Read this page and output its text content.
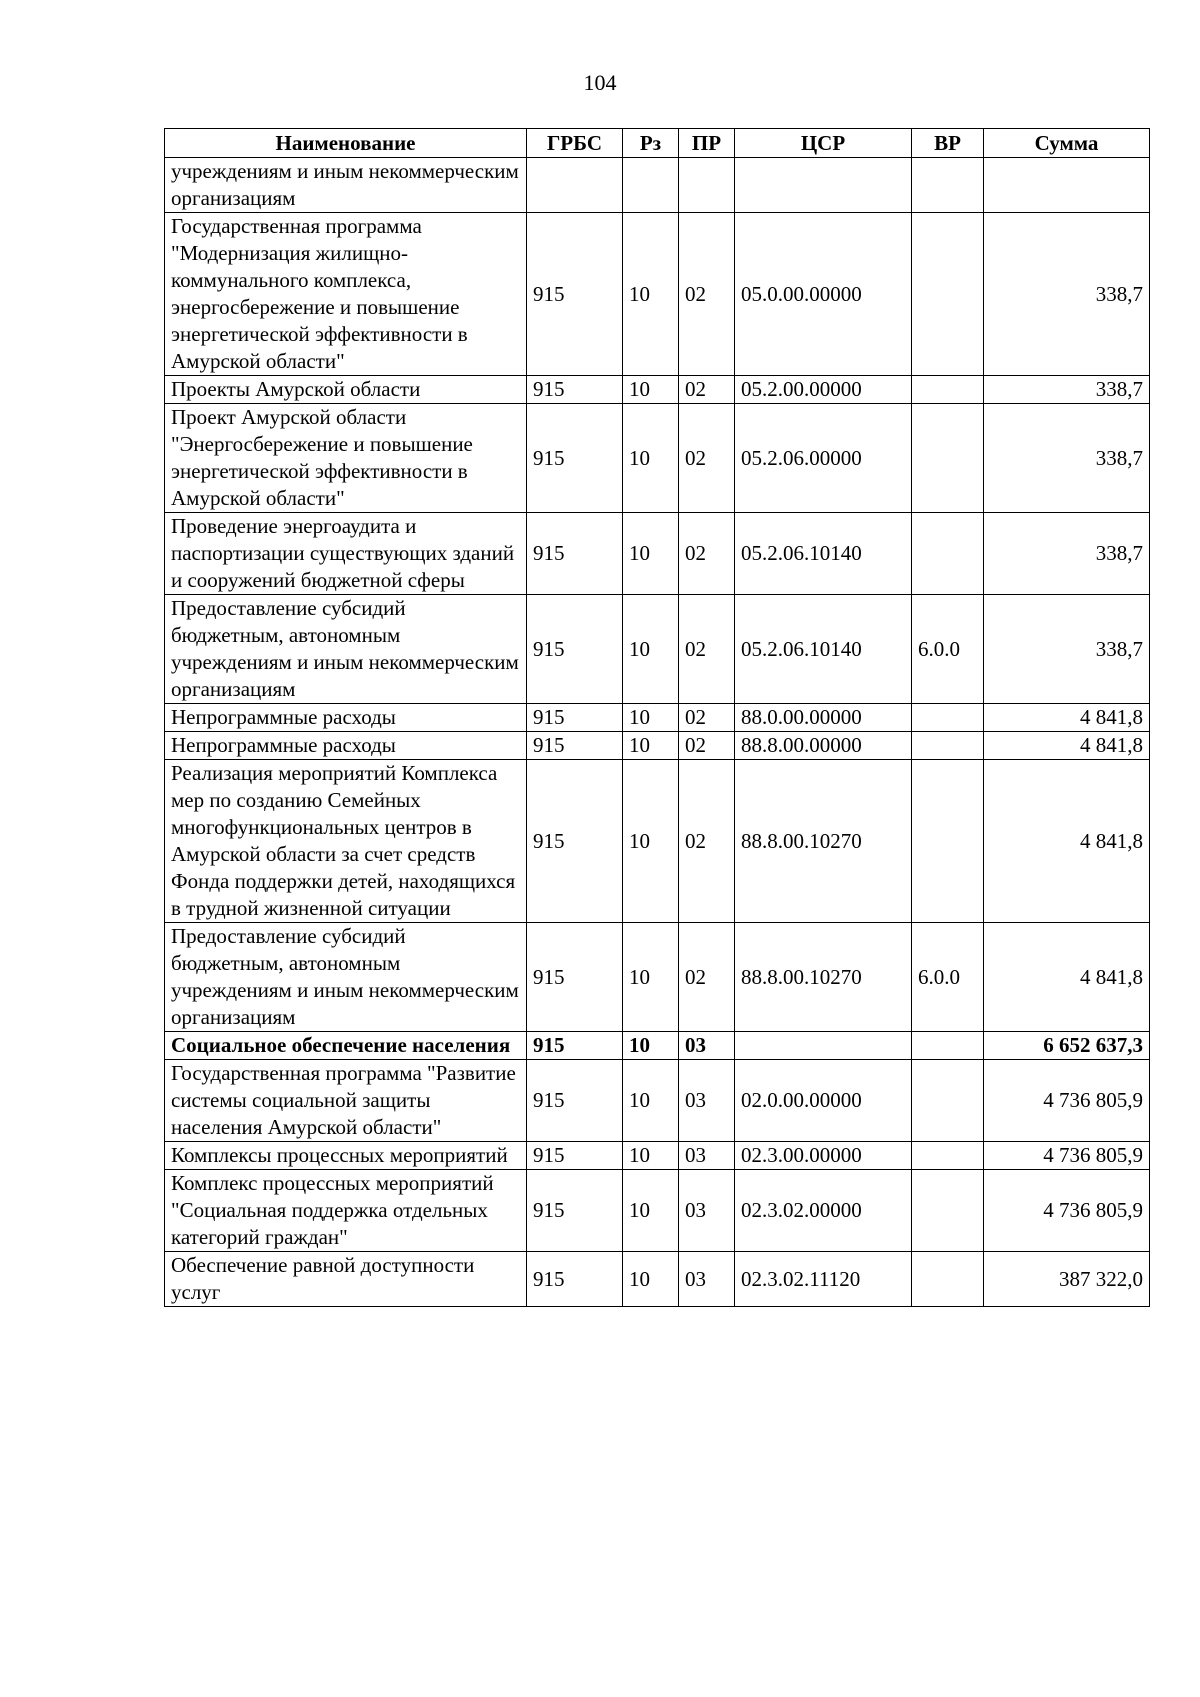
104
Наименование	ГРБС	Рз	ПР	ЦСР	ВР	Сумма
учреждениям и иным некоммерческим организациям						
Государственная программа "Модернизация жилищно-коммунального комплекса, энергосбережение и повышение энергетической эффективности в Амурской области"	915	10	02	05.0.00.00000		338,7
Проекты Амурской области	915	10	02	05.2.00.00000		338,7
Проект Амурской области "Энергосбережение и повышение энергетической эффективности в Амурской области"	915	10	02	05.2.06.00000		338,7
Проведение энергоаудита и паспортизации существующих зданий и сооружений бюджетной сферы	915	10	02	05.2.06.10140		338,7
Предоставление субсидий бюджетным, автономным учреждениям и иным некоммерческим организациям	915	10	02	05.2.06.10140	6.0.0	338,7
Непрограммные расходы	915	10	02	88.0.00.00000		4 841,8
Непрограммные расходы	915	10	02	88.8.00.00000		4 841,8
Реализация мероприятий Комплекса мер по созданию Семейных многофункциональных центров в Амурской области за счет средств Фонда поддержки детей, находящихся в трудной жизненной ситуации	915	10	02	88.8.00.10270		4 841,8
Предоставление субсидий бюджетным, автономным учреждениям и иным некоммерческим организациям	915	10	02	88.8.00.10270	6.0.0	4 841,8
Социальное обеспечение населения	915	10	03			6 652 637,3
Государственная программа "Развитие системы социальной защиты населения Амурской области"	915	10	03	02.0.00.00000		4 736 805,9
Комплексы процессных мероприятий	915	10	03	02.3.00.00000		4 736 805,9
Комплекс процессных мероприятий "Социальная поддержка отдельных категорий граждан"	915	10	03	02.3.02.00000		4 736 805,9
Обеспечение равной доступности услуг	915	10	03	02.3.02.11120		387 322,0
